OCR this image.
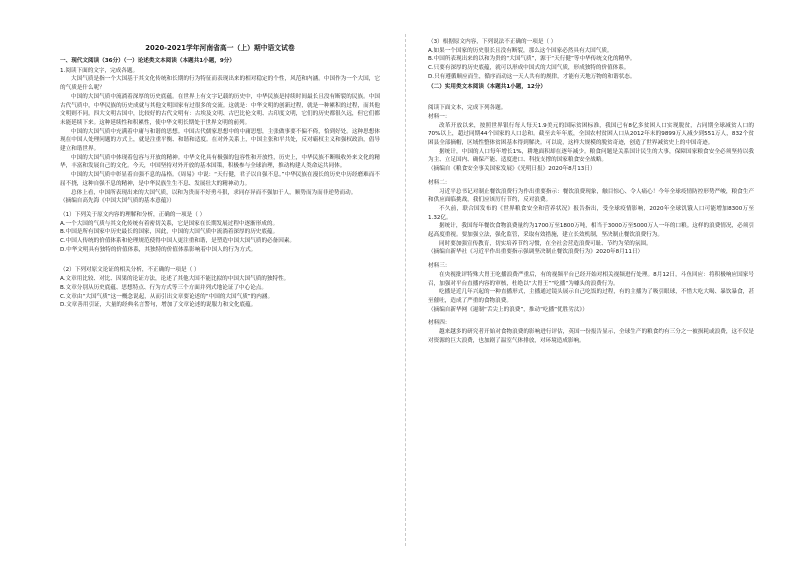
2020-2021学年河南省高一（上）期中语文试卷

一、现代文阅读（36分）（一）论述类文本阅读（本题共1小题，9分）

1.阅读下面的文字，完成各题。

大国气质是指一个大国基于其文化传统和长期的行为特征而表现出来的相对稳定的个性，风范和内涵。中国作为一个大国，它的气质是什么呢？

中国的大国气质中流淌着深厚的历史底蕴。在世界上有文字记载的历史中，中华民族是持续时间最长且没有断裂的民族。中国古代气质中，中华民族的历史成就与其他文明国家有过很多的交流。这就是：中华文明的创新过程，就是一种累积的过程，而其他文明则不同。四大文明古国中，比较好的古代文明有：古埃及文明、古巴比伦文明、古印度文明，它们的历史都很久远，但它们都未能延续下来。这种延续性和积累性，使中华文明长期处于世界文明的前列。

中国的大国气质中充满着中庸与和谐的思想。中国古代儒家思想中的中庸思想，主张做事要不偏不倚，恰到好处。这种思想体现在中国人处理问题的方式上，就是注重平衡、和谐和适度。在对外关系上，中国主张和平共处，反对霸权主义和强权政治，倡导建立和谐世界。

中国的大国气质中体现着包容与开放的精神。中华文化具有极强的包容性和开放性，历史上，中华民族不断吸收外来文化的精华，丰富和发展自己的文化。今天，中国坚持对外开放的基本国策，积极参与全球治理，推动构建人类命运共同体。

中国的大国气质中彰显着自强不息的品格。《周易》中说：“天行健，君子以自强不息。”中华民族在漫长的历史中历经磨难而不屈不挠，这种自强不息的精神，是中华民族生生不息、发展壮大的精神动力。

总体上看，中国所表现出来的大国气质，以和为贵而不好勇斗狠，求同存异而不强加于人，顺势而为而非逆势而动。

（摘编自高先海《中国大国气质的基本意蕴》）

（1）下列关于原文内容的理解和分析，正确的一项是（ ）

A.一个大国的气质与其文化传统有着密切关系，它是国家在长期发展过程中逐渐形成的。

B.中国是所有国家中历史最长的国家，因此，中国的大国气质中流淌着深厚的历史底蕴。

C.中国人传统的价值体系和伦理规范使得中国人更注重和谐，是塑造中国大国气质的必备因素。

D.中华文明具有独特的价值体系，其独特的价值体系影响着中国人的行为方式。

（2）下列对原文论证的相关分析，不正确的一项是（ ）

A.文章用比较、对比、因果的论证方法，论述了其他大国不能比拟的中国大国气质的独特性。

B.文章分别从历史底蕴、思想特点、行为方式等三个方面并列式地论证了中心论点。

C.文章由“大国气质”这一概念说起，从而引出文章要论述的“中国的大国气质”的内涵。

D.文章善用引证，大量的经典名言警句，增加了文章论述的说服力和文化底蕴。

（3）根据原文内容，下列说法不正确的一项是（ ）

A.如果一个国家的历史很长且没有断裂，那么这个国家必然具有大国气质。

B.中国所表现出来的以和为贵的“大国气质”，源于“天行健”等中华传统文化的精华。

C.只要有深厚的历史底蕴，就可以形成中国式的大国气质，形成独特的价值体系。

D.只有遵循顺应而生，循序而动这一天人共有的规律，才能有天地万物的和谐状态。

（二）实用类文本阅读（本题共1小题，12分）

阅读下面文本，完成下列各题。

材料一：

改革开放以来，按照世界银行每人每天1.9美元的国际贫困标准，我国已有8亿多贫困人口实现脱贫，占同期全球减贫人口的70%以上，超过同期44个国家的人口总和。截至去年年底，全国农村贫困人口从2012年末的9899万人减少到551万人，832个贫困县全部摘帽，区域性整体贫困基本得到解决。可以说，这样大规模的脱贫奇迹，创造了世界减贫史上的中国奇迹。

据统计，中国的人口每年增长1%，耕地面积却在逐年减少。粮食问题是关系国计民生的大事，保障国家粮食安全必须坚持以我为主、立足国内、确保产能、适度进口、科技支撑的国家粮食安全战略。

（摘编自《粮食安全事关国家发展》《光明日报》2020年8月13日）

材料二：

习近平总书记对制止餐饮浪费行为作出重要指示：餐饮浪费现象，触目惊心、令人痛心！今年全球疫情防控形势严峻，粮食生产和供应面临挑战，我们应该厉行节约，反对浪费。

不久前，联合国发布的《世界粮食安全和营养状况》报告指出，受全球疫情影响，2020年全球饥饿人口可能增加8300万至1.32亿。

据统计，我国每年餐饮食物浪费量约为1700万至1800万吨，相当于3000万至5000万人一年的口粮。这样的浪费情况，必须引起高度重视。要加强立法，强化监管，采取有效措施，建立长效机制，坚决制止餐饮浪费行为。

同时要加强宣传教育，切实培养节约习惯，在全社会营造浪费可耻、节约为荣的氛围。

（摘编自新华社《习近平作出重要指示强调坚决制止餐饮浪费行为》2020年8月11日）

材料三：

在央视批评特殊大胃王吃播浪费严重后，有的视频平台已经开始对相关视频进行处理。8月12日，斗鱼回应：将积极响应国家号召，加强对平台直播内容的审核，杜绝以“大胃王”“吃播”为噱头的浪费行为。

吃播是近几年兴起的一种直播形式，主播通过镜头展示自己吃饭的过程，有的主播为了吸引眼球，不惜大吃大喝、暴饮暴食，甚至催吐，造成了严重的食物浪费。

（摘编自新华网《遏制“舌尖上的浪费”，推动“吃播”优胜劣汰》）

材料四：

越来越多的研究者开始对食物浪费的影响进行评估，英国一份报告显示，全球生产的粮食约有三分之一被损耗或浪费，这不仅是对资源的巨大浪费，也加剧了温室气体排放，对环境造成影响。
